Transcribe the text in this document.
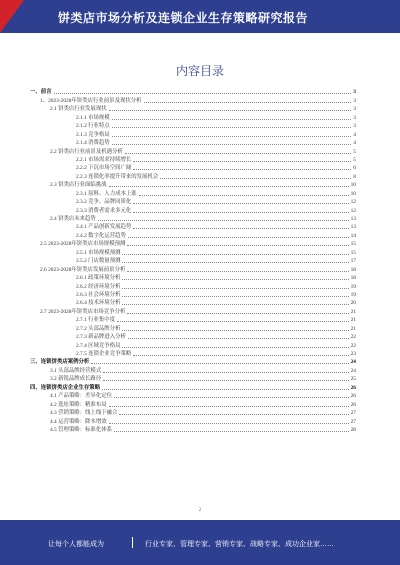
饼类店市场分析及连锁企业生存策略研究报告
内容目录
一、前言	3
1、2023-2028年饼类店行业前景及现状分析	3
2.1 饼类店行业发展现状	3
2.1.1 市场规模	3
2.1.2 行业特点	3
2.1.3 竞争格局	4
2.1.4 消费趋势	4
2.2 饼类店行业前景及机遇分析	5
2.2.1 市场需求持续增长	5
2.2.2 下沉市场空间广阔	6
2.2.3 连锁化率提升带来的发展机会	8
2.3 饼类店行业面临挑战	10
2.3.1 原料、人力成本上涨	10
2.3.2 竞争、品牌同质化	12
2.3.3 消费者需求多元化	12
2.4 饼类店未来趋势	13
2.4.1 产品创新发展趋势	13
2.4.2 数字化运营趋势	14
2.5 2023-2028年饼类店市场规模预测	15
2.5.1 市场规模预测	15
2.5.2 门店数量预测	17
2.6 2023-2028年饼类店发展前景分析	18
2.6.1 政策环境分析	18
2.6.2 经济环境分析	19
2.6.3 社会环境分析	19
2.6.4 技术环境分析	20
2.7 2023-2028年饼类店市场竞争分析	21
2.7.1 行业集中度	21
2.7.2 头部品牌分析	21
2.7.3 新品牌进入分析	22
2.7.4 区域竞争格局	22
2.7.5 连锁企业竞争策略	23
三、连锁饼类店案例分析	24
3.1 头部品牌经营模式	24
3.2 新锐品牌成长路径	25
四、连锁饼类店企业生存策略	26
4.1 产品策略：差异化定位	26
4.2 选址策略：精准布局	26
4.3 营销策略：线上线下融合	27
4.4 运营策略：降本增效	27
4.5 管理策略：标准化体系	28
2
让每个人都能成为	行业专家、管理专家、营销专家、战略专家、成功企业家……
